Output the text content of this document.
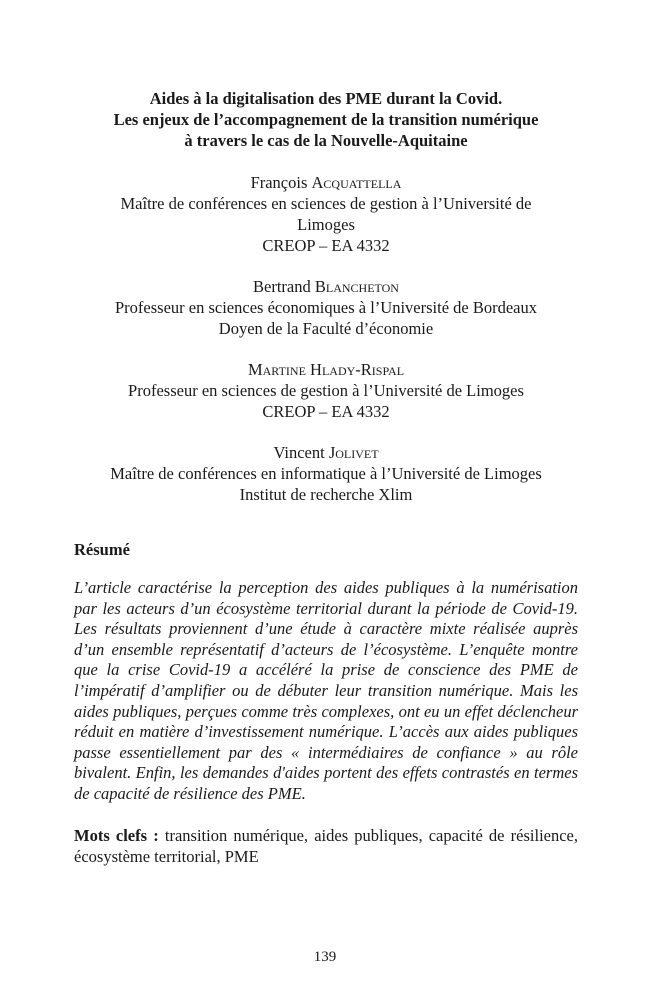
Aides à la digitalisation des PME durant la Covid.
Les enjeux de l’accompagnement de la transition numérique
à travers le cas de la Nouvelle-Aquitaine
François Acquattella
Maître de conférences en sciences de gestion à l’Université de
Limoges
CREOP – EA 4332
Bertrand Blancheton
Professeur en sciences économiques à l’Université de Bordeaux
Doyen de la Faculté d’économie
Martine Hlady-Rispal
Professeur en sciences de gestion à l’Université de Limoges
CREOP – EA 4332
Vincent Jolivet
Maître de conférences en informatique à l’Université de Limoges
Institut de recherche Xlim
Résumé

L’article caractérise la perception des aides publiques à la numérisation par les acteurs d’un écosystème territorial durant la période de Covid-19. Les résultats proviennent d’une étude à caractère mixte réalisée auprès d’un ensemble représentatif d’acteurs de l’écosystème. L’enquête montre que la crise Covid-19 a accéléré la prise de conscience des PME de l’impératif d’amplifier ou de débuter leur transition numérique. Mais les aides publiques, perçues comme très complexes, ont eu un effet déclencheur réduit en matière d’investissement numérique. L’accès aux aides publiques passe essentiellement par des « intermédiaires de confiance » au rôle bivalent. Enfin, les demandes d'aides portent des effets contrastés en termes de capacité de résilience des PME.

Mots clefs : transition numérique, aides publiques, capacité de résilience, écosystème territorial, PME

139
